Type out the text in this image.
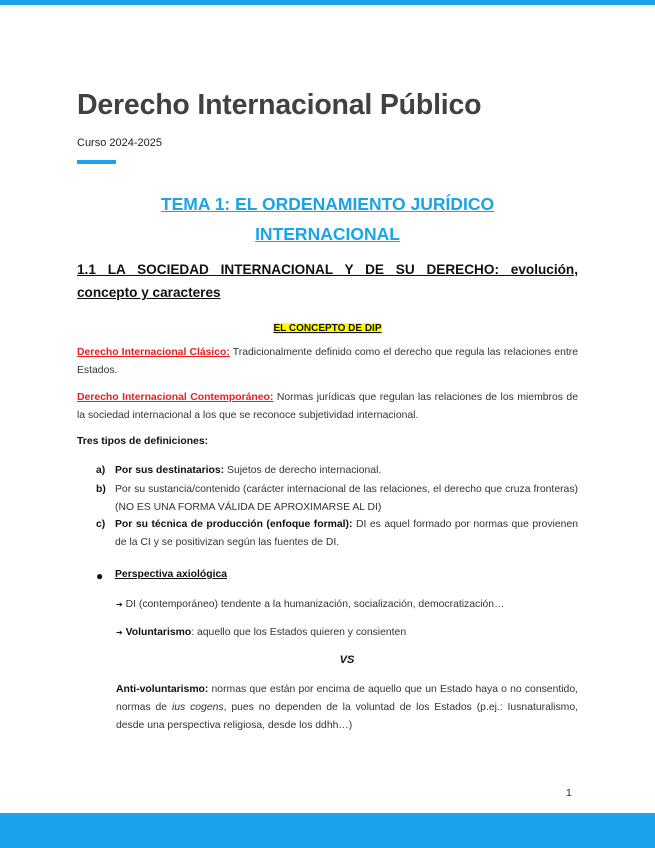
Derecho Internacional Público
Curso 2024-2025
TEMA 1: EL ORDENAMIENTO JURÍDICO
INTERNACIONAL
1.1 LA SOCIEDAD INTERNACIONAL Y DE SU DERECHO: evolución,
concepto y caracteres
EL CONCEPTO DE DIP

Derecho Internacional Clásico: Tradicionalmente definido como el derecho que regula las relaciones entre Estados.

Derecho Internacional Contemporáneo: Normas jurídicas que regulan las relaciones de los miembros de la sociedad internacional a los que se reconoce subjetividad internacional.

Tres tipos de definiciones:
a) Por sus destinatarios: Sujetos de derecho internacional.
b) Por su sustancia/contenido (carácter internacional de las relaciones, el derecho que cruza fronteras) (NO ES UNA FORMA VÁLIDA DE APROXIMARSE AL DI)
c) Por su técnica de producción (enfoque formal): DI es aquel formado por normas que provienen de la CI y se positivizan según las fuentes de DI.
● Perspectiva axiológica
➔ DI (contemporáneo) tendente a la humanización, socialización, democratización…
➔ Voluntarismo: aquello que los Estados quieren y consienten
VS

Anti-voluntarismo: normas que están por encima de aquello que un Estado haya o no consentido, normas de ius cogens, pues no dependen de la voluntad de los Estados (p.ej.: Iusnaturalismo, desde una perspectiva religiosa, desde los ddhh…)

1
